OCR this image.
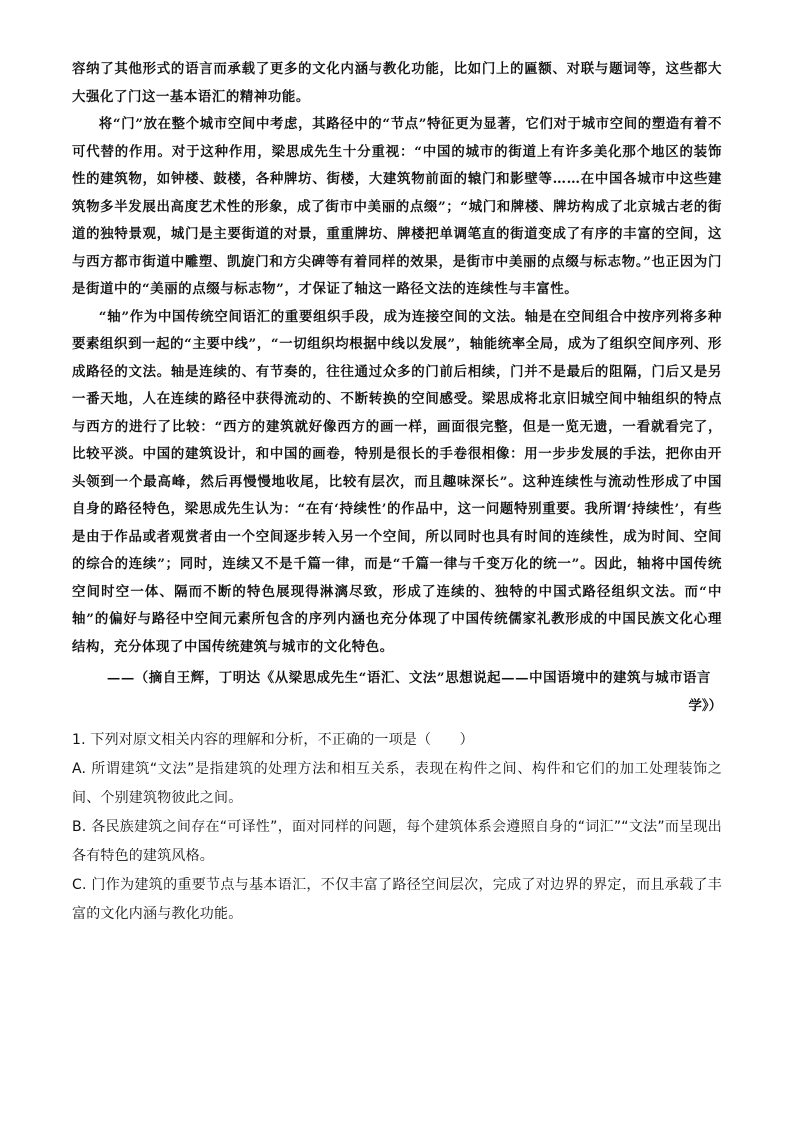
容纳了其他形式的语言而承载了更多的文化内涵与教化功能，比如门上的匾额、对联与题词等，这些都大大强化了门这一基本语汇的精神功能。

将“门”放在整个城市空间中考虑，其路径中的“节点”特征更为显著，它们对于城市空间的塑造有着不可代替的作用。对于这种作用，梁思成先生十分重视：“中国的城市的街道上有许多美化那个地区的装饰性的建筑物，如钟楼、鼓楼，各种牌坊、街楼，大建筑物前面的辕门和影壁等……在中国各城市中这些建筑物多半发展出高度艺术性的形象，成了街市中美丽的点缀”；“城门和牌楼、牌坊构成了北京城古老的街道的独特景观，城门是主要街道的对景，重重牌坊、牌楼把单调笔直的街道变成了有序的丰富的空间，这与西方都市街道中雕塑、凯旋门和方尖碑等有着同样的效果，是街市中美丽的点缀与标志物。”也正因为门是街道中的“美丽的点缀与标志物”，才保证了轴这一路径文法的连续性与丰富性。

“轴”作为中国传统空间语汇的重要组织手段，成为连接空间的文法。轴是在空间组合中按序列将多种要素组织到一起的“主要中线”，“一切组织均根据中线以发展”，轴能统率全局，成为了组织空间序列、形成路径的文法。轴是连续的、有节奏的，往往通过众多的门前后相续，门并不是最后的阻隔，门后又是另一番天地，人在连续的路径中获得流动的、不断转换的空间感受。梁思成将北京旧城空间中轴组织的特点与西方的进行了比较：“西方的建筑就好像西方的画一样，画面很完整，但是一览无遗，一看就看完了，比较平淡。中国的建筑设计，和中国的画卷，特别是很长的手卷很相像：用一步步发展的手法，把你由开头领到一个最高峰，然后再慢慢地收尾，比较有层次，而且趣味深长”。这种连续性与流动性形成了中国自身的路径特色，梁思成先生认为：“在有‘持续性’的作品中，这一问题特别重要。我所谓‘持续性’，有些是由于作品或者观赏者由一个空间逐步转入另一个空间，所以同时也具有时间的连续性，成为时间、空间的综合的连续”；同时，连续又不是千篇一律，而是“千篇一律与千变万化的统一”。因此，轴将中国传统空间时空一体、隔而不断的特色展现得淋漓尽致，形成了连续的、独特的中国式路径组织文法。而“中轴”的偏好与路径中空间元素所包含的序列内涵也充分体现了中国传统儒家礼教形成的中国民族文化心理结构，充分体现了中国传统建筑与城市的文化特色。

——（摘自王辉，丁明达《从梁思成先生“语汇、文法”思想说起——中国语境中的建筑与城市语言

学》）

1. 下列对原文相关内容的理解和分析，不正确的一项是（　　）

A. 所谓建筑“文法”是指建筑的处理方法和相互关系，表现在构件之间、构件和它们的加工处理装饰之间、个别建筑物彼此之间。

B. 各民族建筑之间存在“可译性”，面对同样的问题，每个建筑体系会遵照自身的“词汇”“文法”而呈现出各有特色的建筑风格。

C. 门作为建筑的重要节点与基本语汇，不仅丰富了路径空间层次，完成了对边界的界定，而且承载了丰富的文化内涵与教化功能。
